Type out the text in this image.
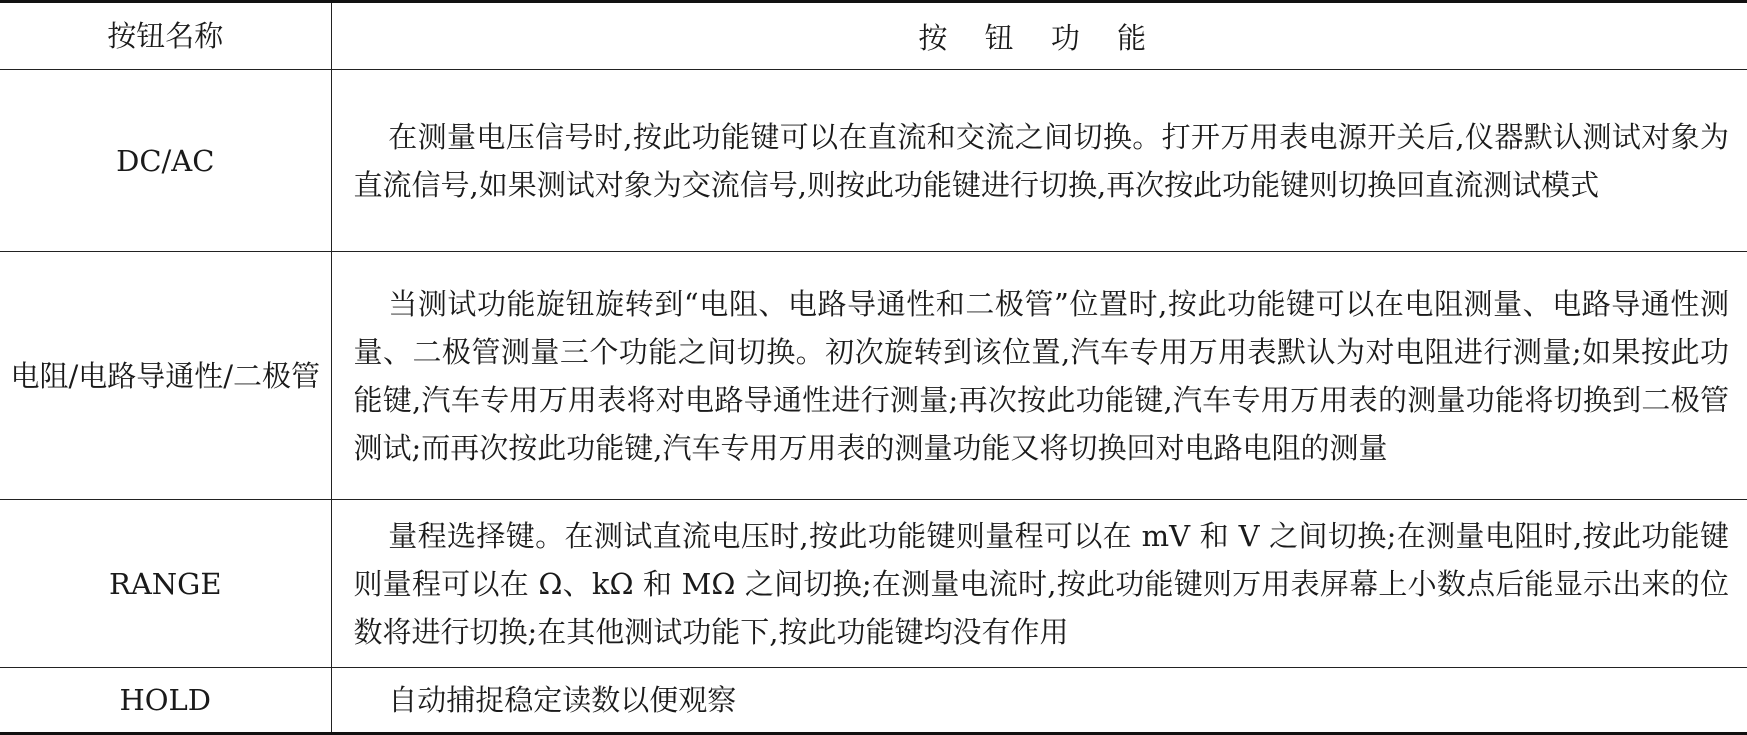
按钮名称	按 钮 功 能
DC/AC	在测量电压信号时,按此功能键可以在直流和交流之间切换。打开万用表电源开关后,仪器默认测试对象为直流信号,如果测试对象为交流信号,则按此功能键进行切换,再次按此功能键则切换回直流测试模式
电阻/电路导通性/二极管	当测试功能旋钮旋转到“电阻、电路导通性和二极管”位置时,按此功能键可以在电阻测量、电路导通性测量、二极管测量三个功能之间切换。初次旋转到该位置,汽车专用万用表默认为对电阻进行测量;如果按此功能键,汽车专用万用表将对电路导通性进行测量;再次按此功能键,汽车专用万用表的测量功能将切换到二极管测试;而再次按此功能键,汽车专用万用表的测量功能又将切换回对电路电阻的测量
RANGE	量程选择键。在测试直流电压时,按此功能键则量程可以在 mV 和 V 之间切换;在测量电阻时,按此功能键则量程可以在 Ω、kΩ 和 MΩ 之间切换;在测量电流时,按此功能键则万用表屏幕上小数点后能显示出来的位数将进行切换;在其他测试功能下,按此功能键均没有作用
HOLD	自动捕捉稳定读数以便观察
